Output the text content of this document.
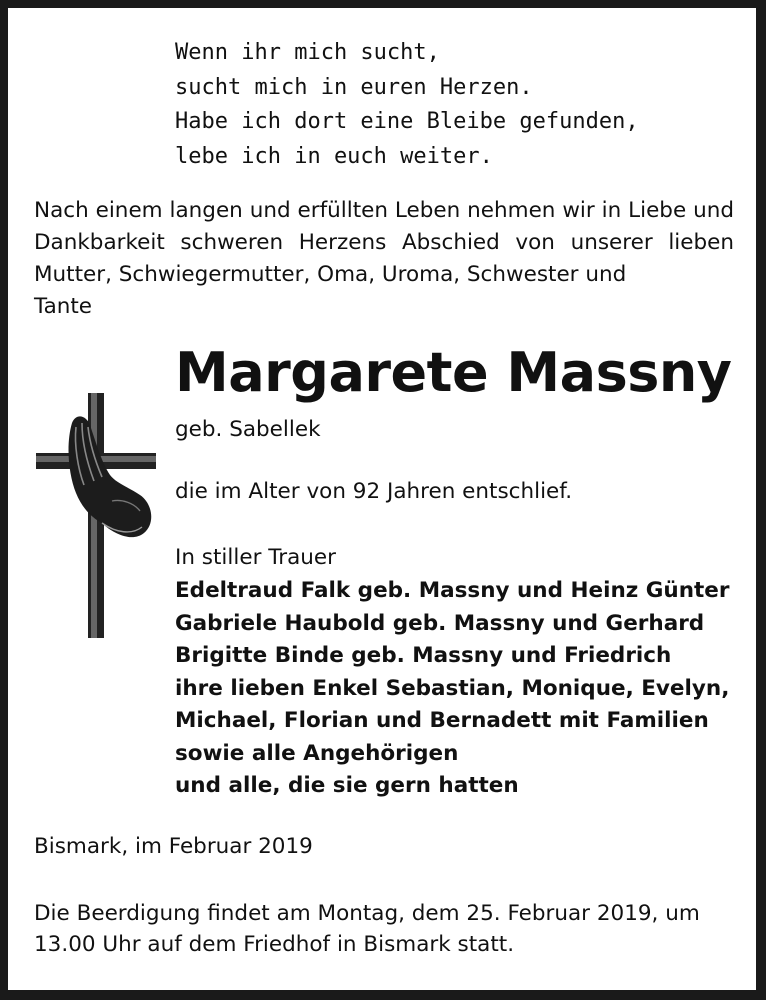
Wenn ihr mich sucht,
sucht mich in euren Herzen.
Habe ich dort eine Bleibe gefunden,
lebe ich in euch weiter.

Nach einem langen und erfüllten Leben nehmen wir in Liebe und Dankbarkeit schweren Herzens Abschied von unserer lieben Mutter, Schwiegermutter, Oma, Uroma, Schwester und
Tante

Margarete Massny

geb. Sabellek

die im Alter von 92 Jahren entschlief.

In stiller Trauer

Edeltraud Falk geb. Massny und Heinz Günter
Gabriele Haubold geb. Massny und Gerhard
Brigitte Binde geb. Massny und Friedrich
ihre lieben Enkel Sebastian, Monique, Evelyn,
Michael, Florian und Bernadett mit Familien
sowie alle Angehörigen
und alle, die sie gern hatten

Bismark, im Februar 2019

Die Beerdigung findet am Montag, dem 25. Februar 2019, um 13.00 Uhr auf dem Friedhof in Bismark statt.
